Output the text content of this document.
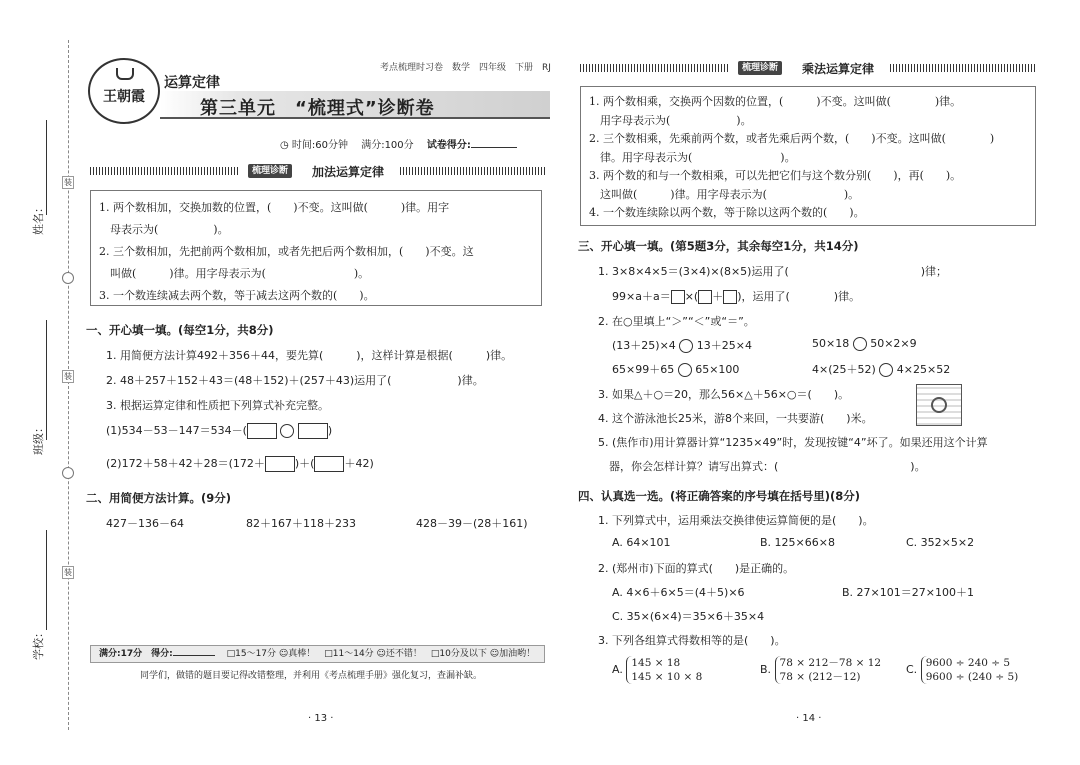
姓名：
班级：
学校：
装
装
装
王朝霞
考点梳理时习卷　数学　四年级　下册　RJ
运算定律
第三单元　“梳理式”诊断卷
◷ 时间:60分钟　 满分:100分　 试卷得分:
梳理诊断	加法运算定律

1. 两个数相加，交换加数的位置，(　　)不变。这叫做(　　　)律。用字

　母表示为(　　　　　)。

2. 三个数相加，先把前两个数相加，或者先把后两个数相加，(　　)不变。这

　叫做(　　　)律。用字母表示为(　　　　　　　　)。

3. 一个数连续减去两个数，等于减去这两个数的(　　)。

一、开心填一填。(每空1分，共8分)
1. 用简便方法计算492＋356＋44，要先算(　　　)，这样计算是根据(　　　)律。
2. 48＋257＋152＋43＝(48＋152)＋(257＋43)运用了(　　　　　　)律。
3. 根据运算定律和性质把下列算式补充完整。
(1)534－53－147＝534－(	)
(2)172＋58＋42＋28＝(172＋	)＋(	＋42)
二、用简便方法计算。(9分)
427－136－64	82＋167＋118＋233	428－39－(28＋161)
满分:17分　得分:　	□15～17分 ☺真棒！　□11～14分 ☺还不错！　□10分及以下 ☺加油哟！
同学们，做错的题目要记得改错整理，并利用《考点梳理手册》强化复习，查漏补缺。
· 13 ·
梳理诊断	乘法运算定律

1. 两个数相乘，交换两个因数的位置，(　　　)不变。这叫做(　　　　)律。

　用字母表示为(　　　　　　)。

2. 三个数相乘，先乘前两个数，或者先乘后两个数，(　　)不变。这叫做(　　　　)

　律。用字母表示为(　　　　　　　　)。

3. 两个数的和与一个数相乘，可以先把它们与这个数分别(　　)，再(　　)。

　这叫做(　　　)律。用字母表示为(　　　　　　　)。

4. 一个数连续除以两个数，等于除以这两个数的(　　)。

三、开心填一填。(第5题3分，其余每空1分，共14分)
1. 3×8×4×5＝(3×4)×(8×5)运用了(　　　　　　　　　　　　)律；
99×a＋a＝ ×( ＋ )，运用了(　　　　)律。
2. 在○里填上“＞”“＜”或“＝”。
(13＋25)×4 13＋25×4	50×18 50×2×9
65×99＋65 65×100	4×(25＋52) 4×25×52
3. 如果△＋○＝20，那么56×△＋56×○＝(　　)。
4. 这个游泳池长25米，游8个来回，一共要游(　　)米。
5. (焦作市)用计算器计算“1235×49”时，发现按键“4”坏了。如果还用这个计算
　器，你会怎样计算？请写出算式：(　　　　　　　　　　　　)。
四、认真选一选。(将正确答案的序号填在括号里)(8分)
1. 下列算式中，运用乘法交换律使运算简便的是(　　)。
A. 64×101	B. 125×66×8	C. 352×5×2
2. (郑州市)下面的算式(　　)是正确的。
A. 4×6＋6×5＝(4＋5)×6	B. 27×101＝27×100＋1
C. 35×(6×4)＝35×6＋35×4
3. 下列各组算式得数相等的是(　　)。
A. 145 × 18
145 × 10 × 8
B. 78 × 212－78 × 12
78 × (212－12)
C. 9600 ÷ 240 ÷ 5
9600 ÷ (240 ÷ 5)
· 14 ·
